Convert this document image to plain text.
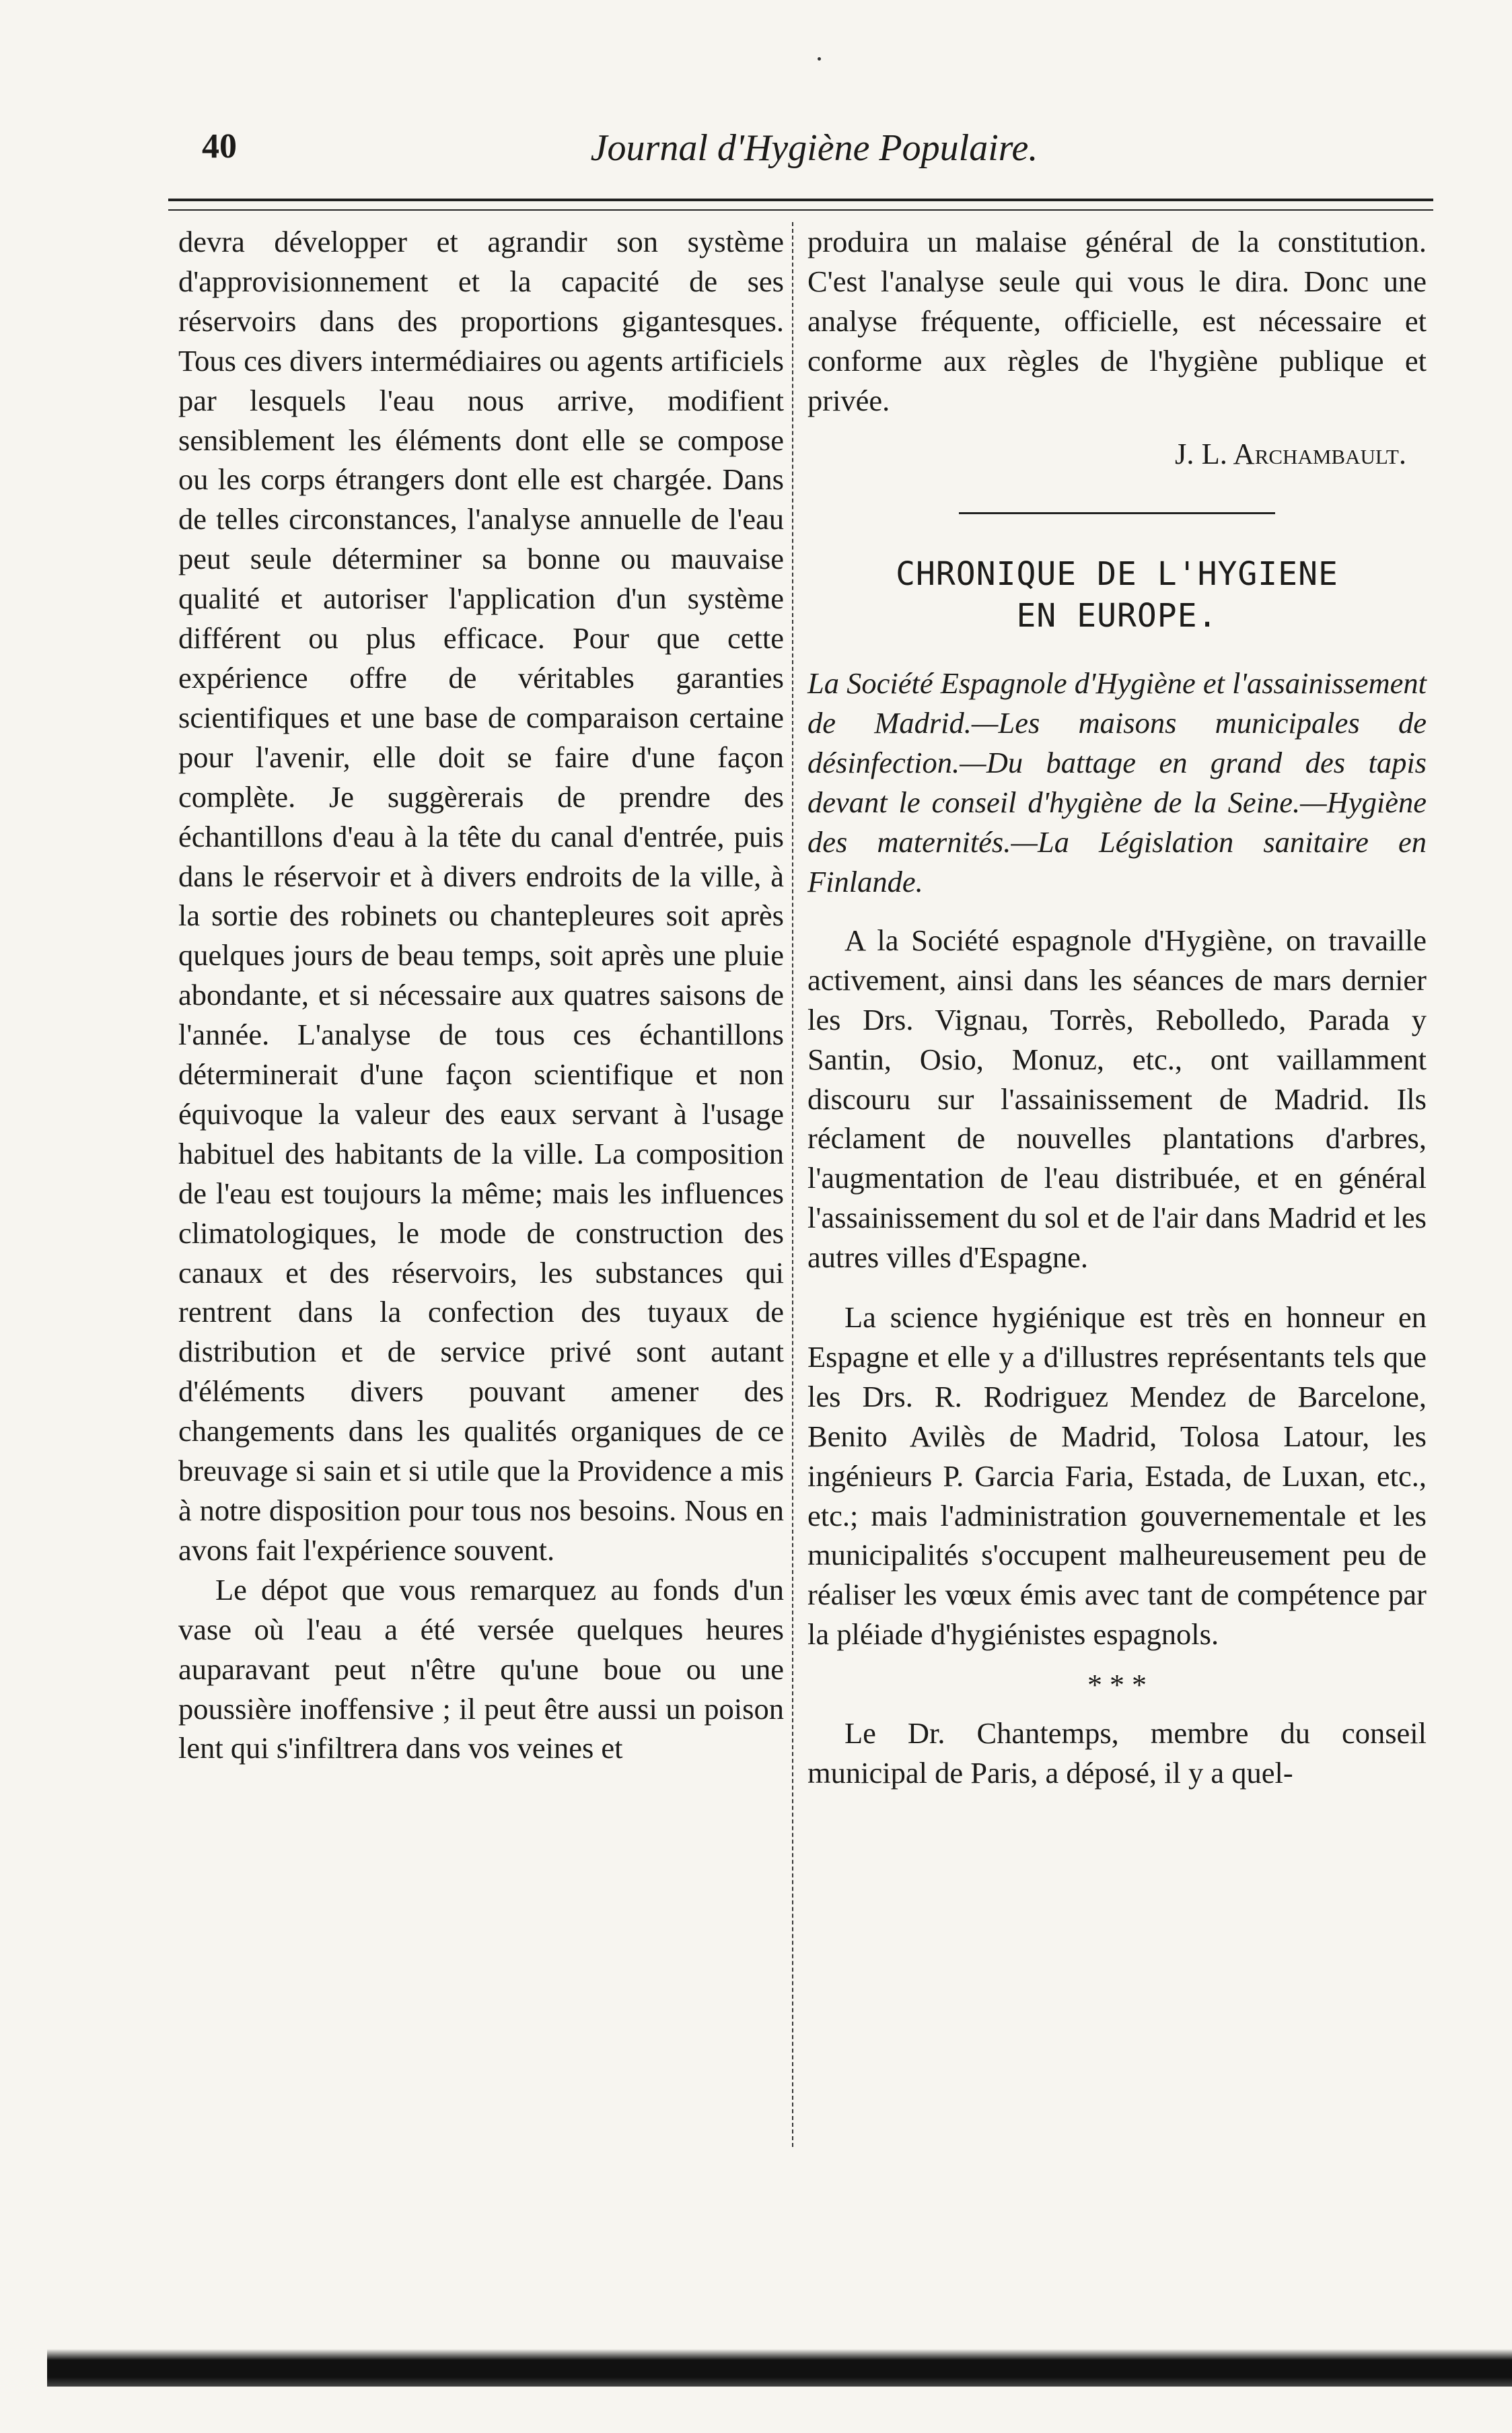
40	Journal d'Hygiène Populaire.

devra développer et agrandir son système d'approvisionnement et la capacité de ses réservoirs dans des proportions gigantesques. Tous ces divers intermédiaires ou agents artificiels par lesquels l'eau nous arrive, modifient sensiblement les éléments dont elle se compose ou les corps étrangers dont elle est chargée. Dans de telles circonstances, l'analyse annuelle de l'eau peut seule déterminer sa bonne ou mauvaise qualité et autoriser l'application d'un système différent ou plus efficace. Pour que cette expérience offre de véritables garanties scientifiques et une base de comparaison certaine pour l'avenir, elle doit se faire d'une façon complète. Je suggèrerais de prendre des échantillons d'eau à la tête du canal d'entrée, puis dans le réservoir et à divers endroits de la ville, à la sortie des robinets ou chantepleures soit après quelques jours de beau temps, soit après une pluie abondante, et si nécessaire aux quatres saisons de l'année. L'analyse de tous ces échantillons déterminerait d'une façon scientifique et non équivoque la valeur des eaux servant à l'usage habituel des habitants de la ville. La composition de l'eau est toujours la même; mais les influences climatologiques, le mode de construction des canaux et des réservoirs, les substances qui rentrent dans la confection des tuyaux de distribution et de service privé sont autant d'éléments divers pouvant amener des changements dans les qualités organiques de ce breuvage si sain et si utile que la Providence a mis à notre disposition pour tous nos besoins. Nous en avons fait l'expérience souvent.

Le dépot que vous remarquez au fonds d'un vase où l'eau a été versée quelques heures auparavant peut n'être qu'une boue ou une poussière inoffensive ; il peut être aussi un poison lent qui s'infiltrera dans vos veines et

produira un malaise général de la constitution. C'est l'analyse seule qui vous le dira. Donc une analyse fréquente, officielle, est nécessaire et conforme aux règles de l'hygiène publique et privée.

J. L. Archambault.
CHRONIQUE DE L'HYGIENE
EN EUROPE.
La Société Espagnole d'Hygiène et l'assainissement de Madrid.—Les maisons municipales de désinfection.—Du battage en grand des tapis devant le conseil d'hygiène de la Seine.—Hygiène des maternités.—La Législation sanitaire en Finlande.
A la Société espagnole d'Hygiène, on travaille activement, ainsi dans les séances de mars dernier les Drs. Vignau, Torrès, Rebolledo, Parada y Santin, Osio, Monuz, etc., ont vaillamment discouru sur l'assainissement de Madrid. Ils réclament de nouvelles plantations d'arbres, l'augmentation de l'eau distribuée, et en général l'assainissement du sol et de l'air dans Madrid et les autres villes d'Espagne.
La science hygiénique est très en honneur en Espagne et elle y a d'illustres représentants tels que les Drs. R. Rodriguez Mendez de Barcelone, Benito Avilès de Madrid, Tolosa Latour, les ingénieurs P. Garcia Faria, Estada, de Luxan, etc., etc.; mais l'administration gouvernementale et les municipalités s'occupent malheureusement peu de réaliser les vœux émis avec tant de compétence par la pléiade d'hygiénistes espagnols.
* * *
Le Dr. Chantemps, membre du conseil municipal de Paris, a déposé, il y a quel-
